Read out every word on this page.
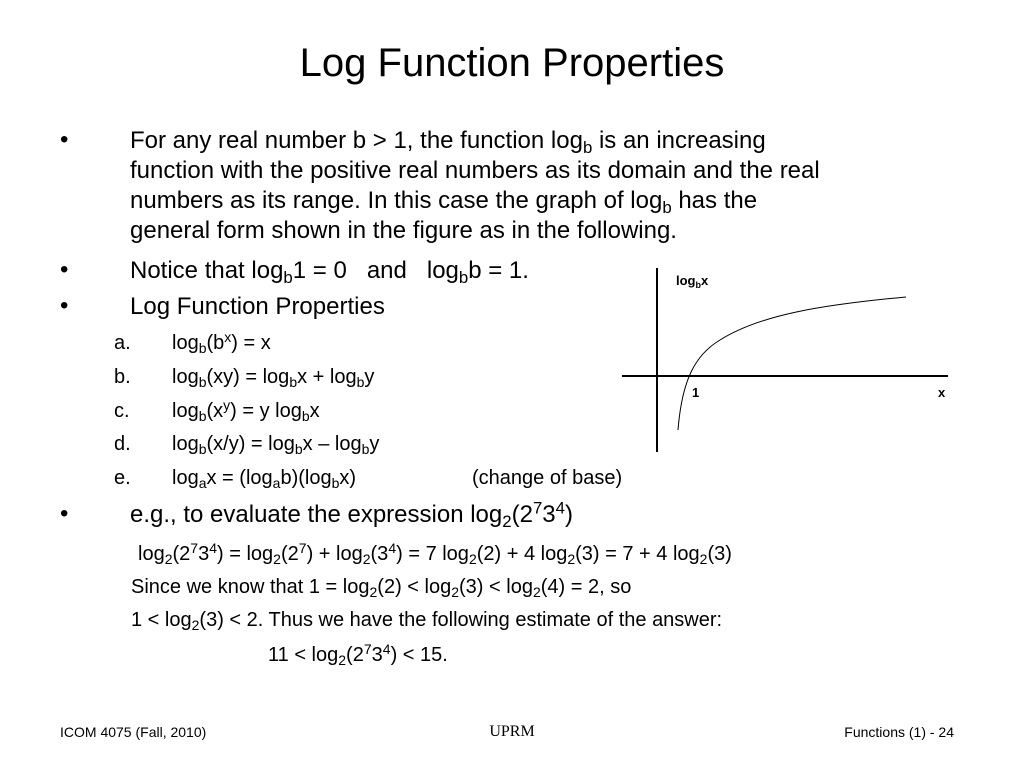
Log Function Properties
•	For any real number b > 1, the function $\log_b$ is an increasing
function with the positive real numbers as its domain and the real
numbers as its range. In this case the graph of $\log_b$ has the
general form shown in the figure as in the following.
•	Notice that $\log_b1 = 0$   and   $\log_bb = 1$.
•	Log Function Properties
a. $\log_b(b^x) = x$
b. $\log_b(xy) = \log_bx + \log_by$
c. $\log_b(x^y) = y$ $\log_bx$
d. $\log_b(x/y) = \log_bx - \log_by$
e. $\log_ax = (\log_ab)(\log_bx)$	(change of base)
•	e.g., to evaluate the expression $\log_2(2^73^4)$
$\log_2(2^73^4) = \log_2(2^7) + \log_2(3^4) = 7$ $\log_2(2) + 4$ $\log_2(3) = 7 + 4$ $\log_2(3)$
Since we know that $1 = \log_2(2) < \log_2(3) < \log_2(4) = 2$, so
$1 < \log_2(3) < 2$. Thus we have the following estimate of the answer:
$11 < \log_2(2^73^4) < 15$.
$\log_bx$
1	x
ICOM 4075 (Fall, 2010)	UPRM	Functions (1) - 24
